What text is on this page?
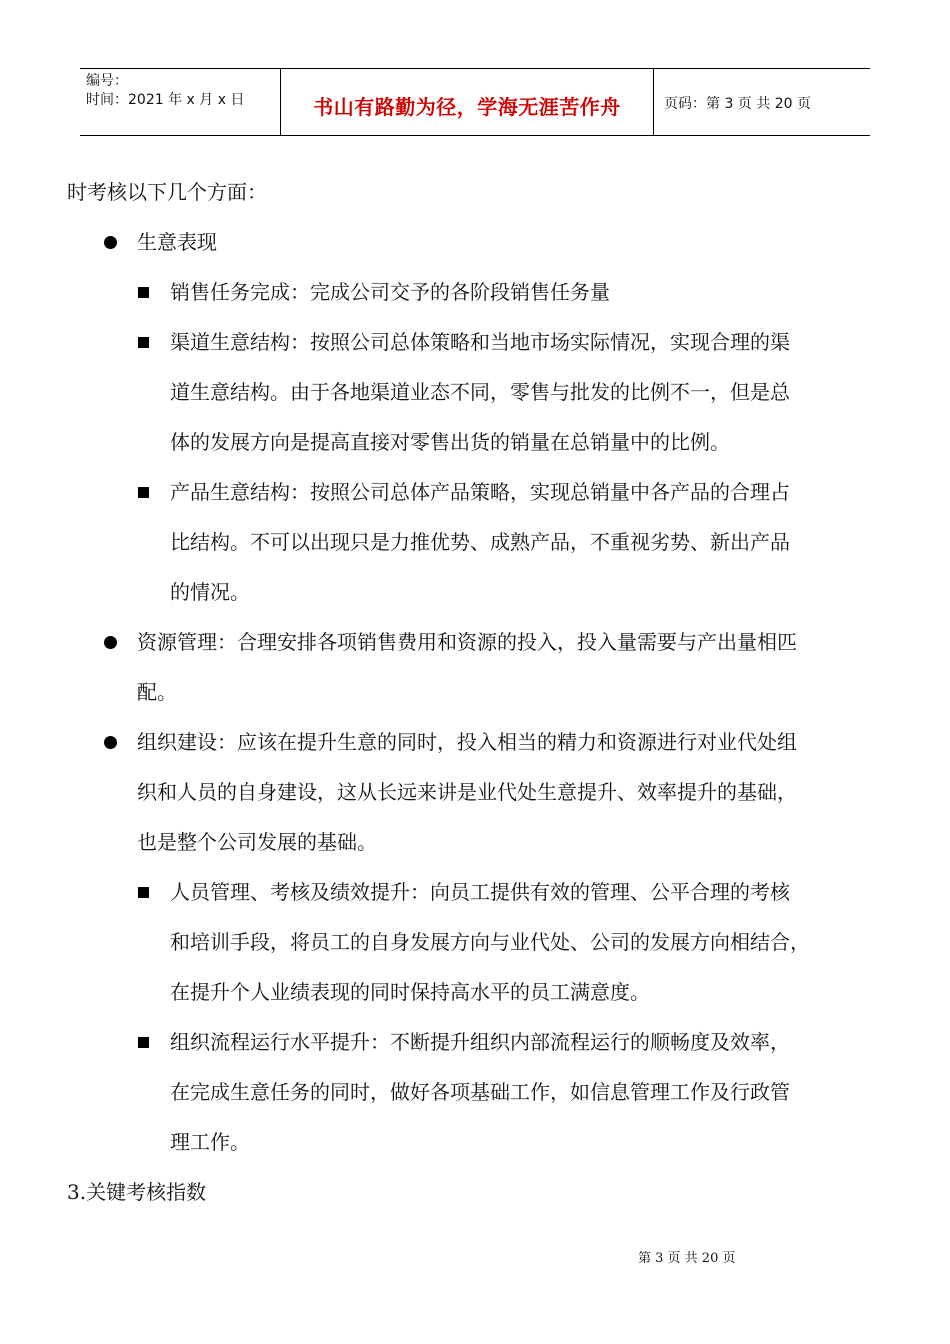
编号：
时间：2021 年 x 月 x 日	书山有路勤为径，学海无涯苦作舟	页码：第 3 页 共 20 页
时考核以下几个方面：
生意表现
销售任务完成：完成公司交予的各阶段销售任务量
渠道生意结构：按照公司总体策略和当地市场实际情况，实现合理的渠
道生意结构。由于各地渠道业态不同，零售与批发的比例不一，但是总
体的发展方向是提高直接对零售出货的销量在总销量中的比例。
产品生意结构：按照公司总体产品策略，实现总销量中各产品的合理占
比结构。不可以出现只是力推优势、成熟产品，不重视劣势、新出产品
的情况。
资源管理：合理安排各项销售费用和资源的投入，投入量需要与产出量相匹
配。
组织建设：应该在提升生意的同时，投入相当的精力和资源进行对业代处组
织和人员的自身建设，这从长远来讲是业代处生意提升、效率提升的基础，
也是整个公司发展的基础。
人员管理、考核及绩效提升：向员工提供有效的管理、公平合理的考核
和培训手段，将员工的自身发展方向与业代处、公司的发展方向相结合，
在提升个人业绩表现的同时保持高水平的员工满意度。
组织流程运行水平提升：不断提升组织内部流程运行的顺畅度及效率，
在完成生意任务的同时，做好各项基础工作，如信息管理工作及行政管
理工作。
3.关键考核指数
第 3 页 共 20 页
